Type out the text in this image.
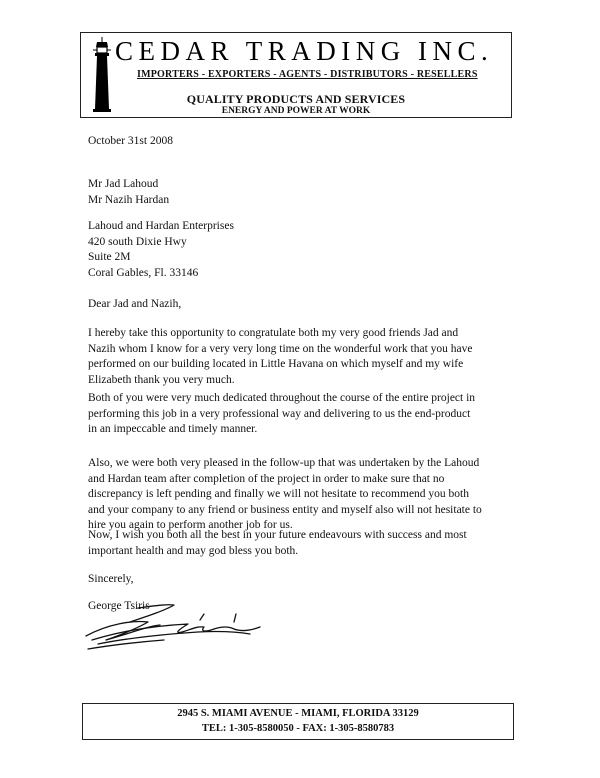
CEDAR TRADING INC.
IMPORTERS - EXPORTERS - AGENTS - DISTRIBUTORS - RESELLERS
QUALITY PRODUCTS AND SERVICES
ENERGY AND POWER AT WORK
October 31st 2008
Mr Jad Lahoud
Mr Nazih Hardan
Lahoud and Hardan Enterprises
420 south Dixie Hwy
Suite 2M
Coral Gables, Fl. 33146
Dear Jad and Nazih,
I hereby take this opportunity to congratulate both my very good friends Jad and
Nazih whom I know for a very very long time on the wonderful work that you have
performed on our building located in Little Havana on which myself and my wife
Elizabeth thank you very much.
Both of you were very much dedicated throughout the course of the entire project in
performing this job in a very professional way and delivering to us the end-product
in an impeccable and timely manner.
Also, we were both very pleased in the follow-up that was undertaken by the Lahoud
and Hardan team after completion of the project in order to make sure that no
discrepancy is left pending and finally we will not hesitate to recommend you both
and your company to any friend or business entity and myself also will not hesitate to
hire you again to perform another job for us.
Now, I wish you both all the best in your future endeavours with success and most
important health and may god bless you both.
Sincerely,
George Tsiris
2945 S. MIAMI AVENUE - MIAMI, FLORIDA 33129
TEL: 1-305-8580050 - FAX: 1-305-8580783
